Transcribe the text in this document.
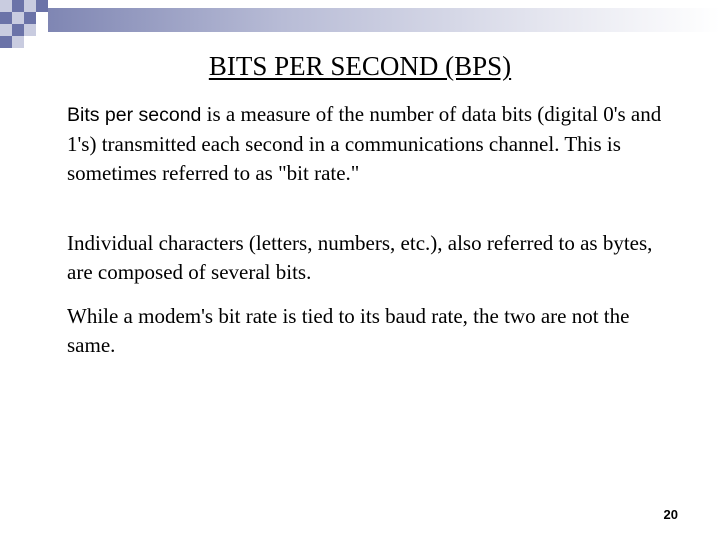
BITS PER SECOND (BPS)

Bits per second is a measure of the number of data bits (digital 0's and 1's) transmitted each second in a communications channel. This is sometimes referred to as "bit rate."

Individual characters (letters, numbers, etc.), also referred to as bytes, are composed of several bits.

While a modem's bit rate is tied to its baud rate, the two are not the same.

20
